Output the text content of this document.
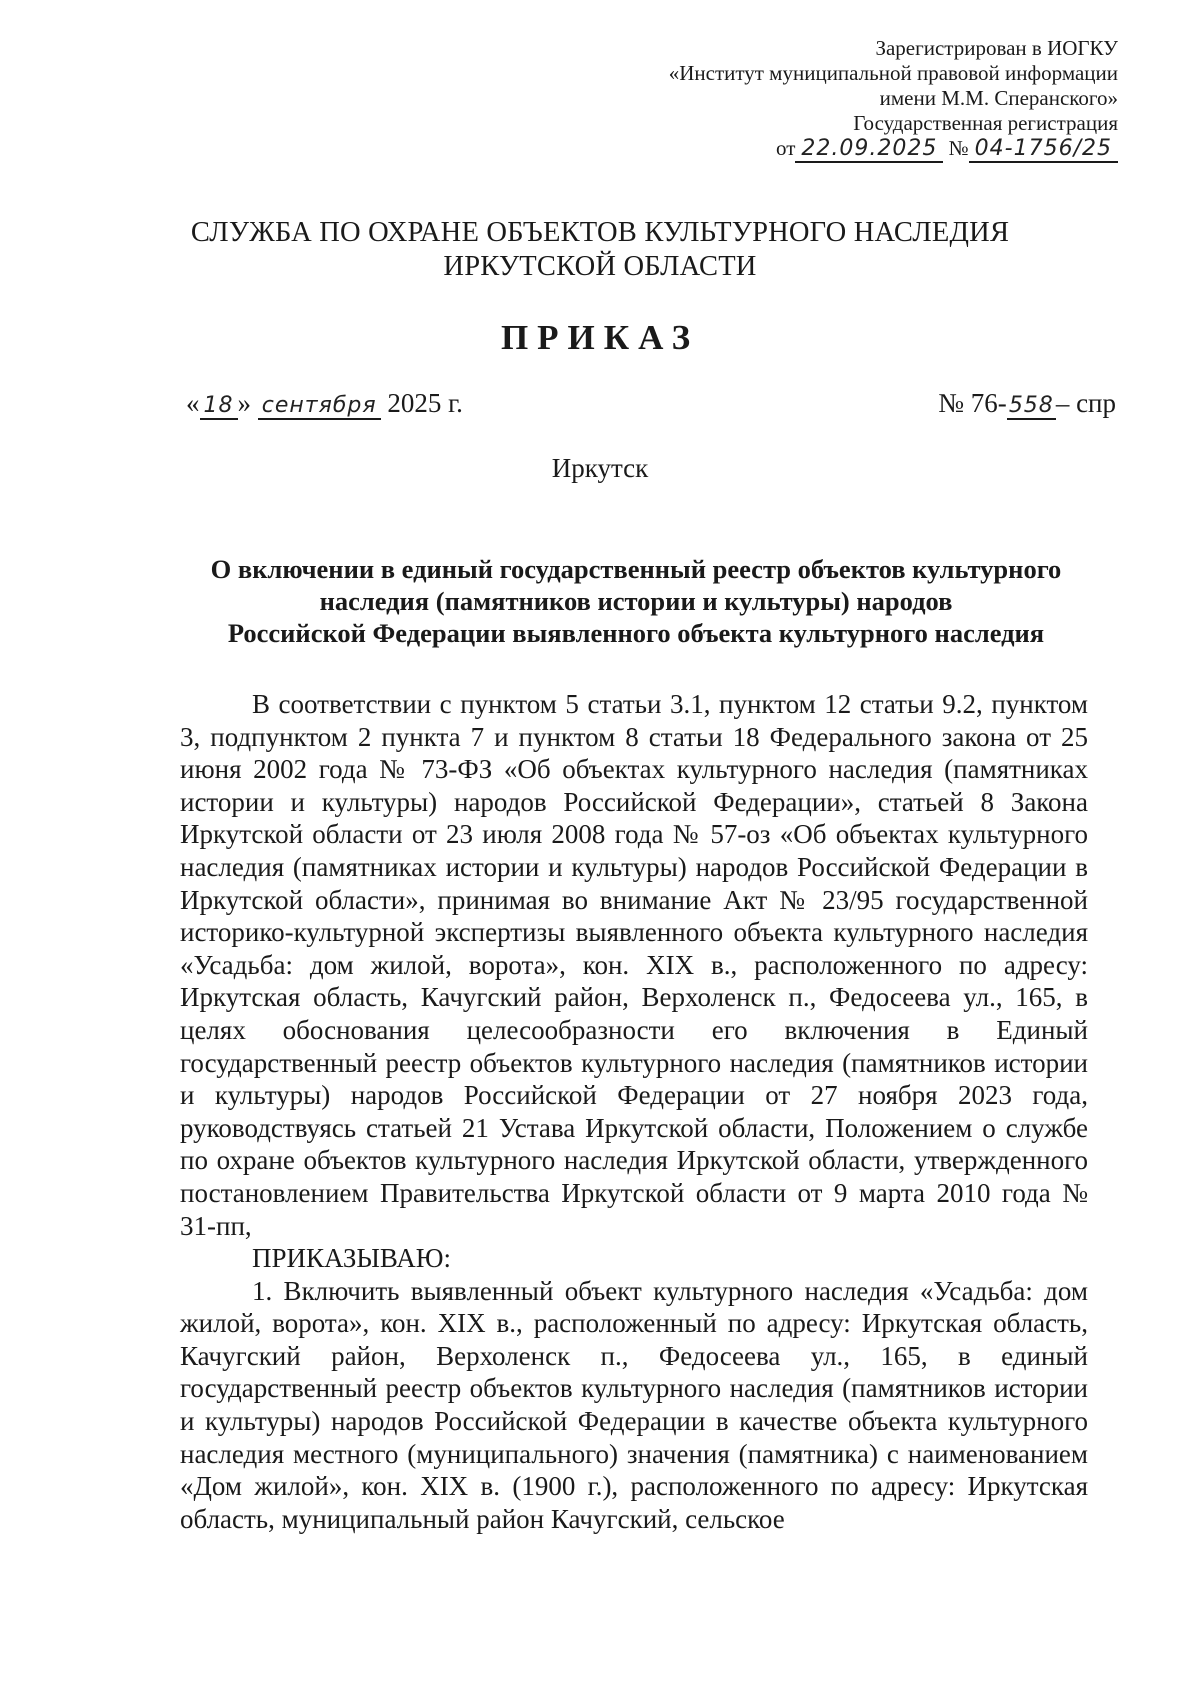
Зарегистрирован в ИОГКУ
«Институт муниципальной правовой информации
имени М.М. Сперанского»
Государственная регистрация
от 22.09.2025 № 04-1756/25
СЛУЖБА ПО ОХРАНЕ ОБЪЕКТОВ КУЛЬТУРНОГО НАСЛЕДИЯ
ИРКУТСКОЙ ОБЛАСТИ
ПРИКАЗ
« 18 » сентября 2025 г.	№ 76-558– спр
Иркутск
О включении в единый государственный реестр объектов культурного
наследия (памятников истории и культуры) народов
Российской Федерации выявленного объекта культурного наследия

В соответствии с пунктом 5 статьи 3.1, пунктом 12 статьи 9.2, пунктом 3, подпунктом 2 пункта 7 и пунктом 8 статьи 18 Федерального закона от 25 июня 2002 года № 73-ФЗ «Об объектах культурного наследия (памятниках истории и культуры) народов Российской Федерации», статьей 8 Закона Иркутской области от 23 июля 2008 года № 57-оз «Об объектах культурного наследия (памятниках истории и культуры) народов Российской Федерации в Иркутской области», принимая во внимание Акт № 23/95 государственной историко-культурной экспертизы выявленного объекта культурного наследия «Усадьба: дом жилой, ворота», кон. XIX в., расположенного по адресу: Иркутская область, Качугский район, Верхоленск п., Федосеева ул., 165, в целях обоснования целесообразности его включения в Единый государственный реестр объектов культурного наследия (памятников истории и культуры) народов Российской Федерации от 27 ноября 2023 года, руководствуясь статьей 21 Устава Иркутской области, Положением о службе по охране объектов культурного наследия Иркутской области, утвержденного постановлением Правительства Иркутской области от 9 марта 2010 года № 31-пп,

ПРИКАЗЫВАЮ:

1. Включить выявленный объект культурного наследия «Усадьба: дом жилой, ворота», кон. XIX в., расположенный по адресу: Иркутская область, Качугский район, Верхоленск п., Федосеева ул., 165, в единый государственный реестр объектов культурного наследия (памятников истории и культуры) народов Российской Федерации в качестве объекта культурного наследия местного (муниципального) значения (памятника) с наименованием «Дом жилой», кон. XIX в. (1900 г.), расположенного по адресу: Иркутская область, муниципальный район Качугский, сельское
